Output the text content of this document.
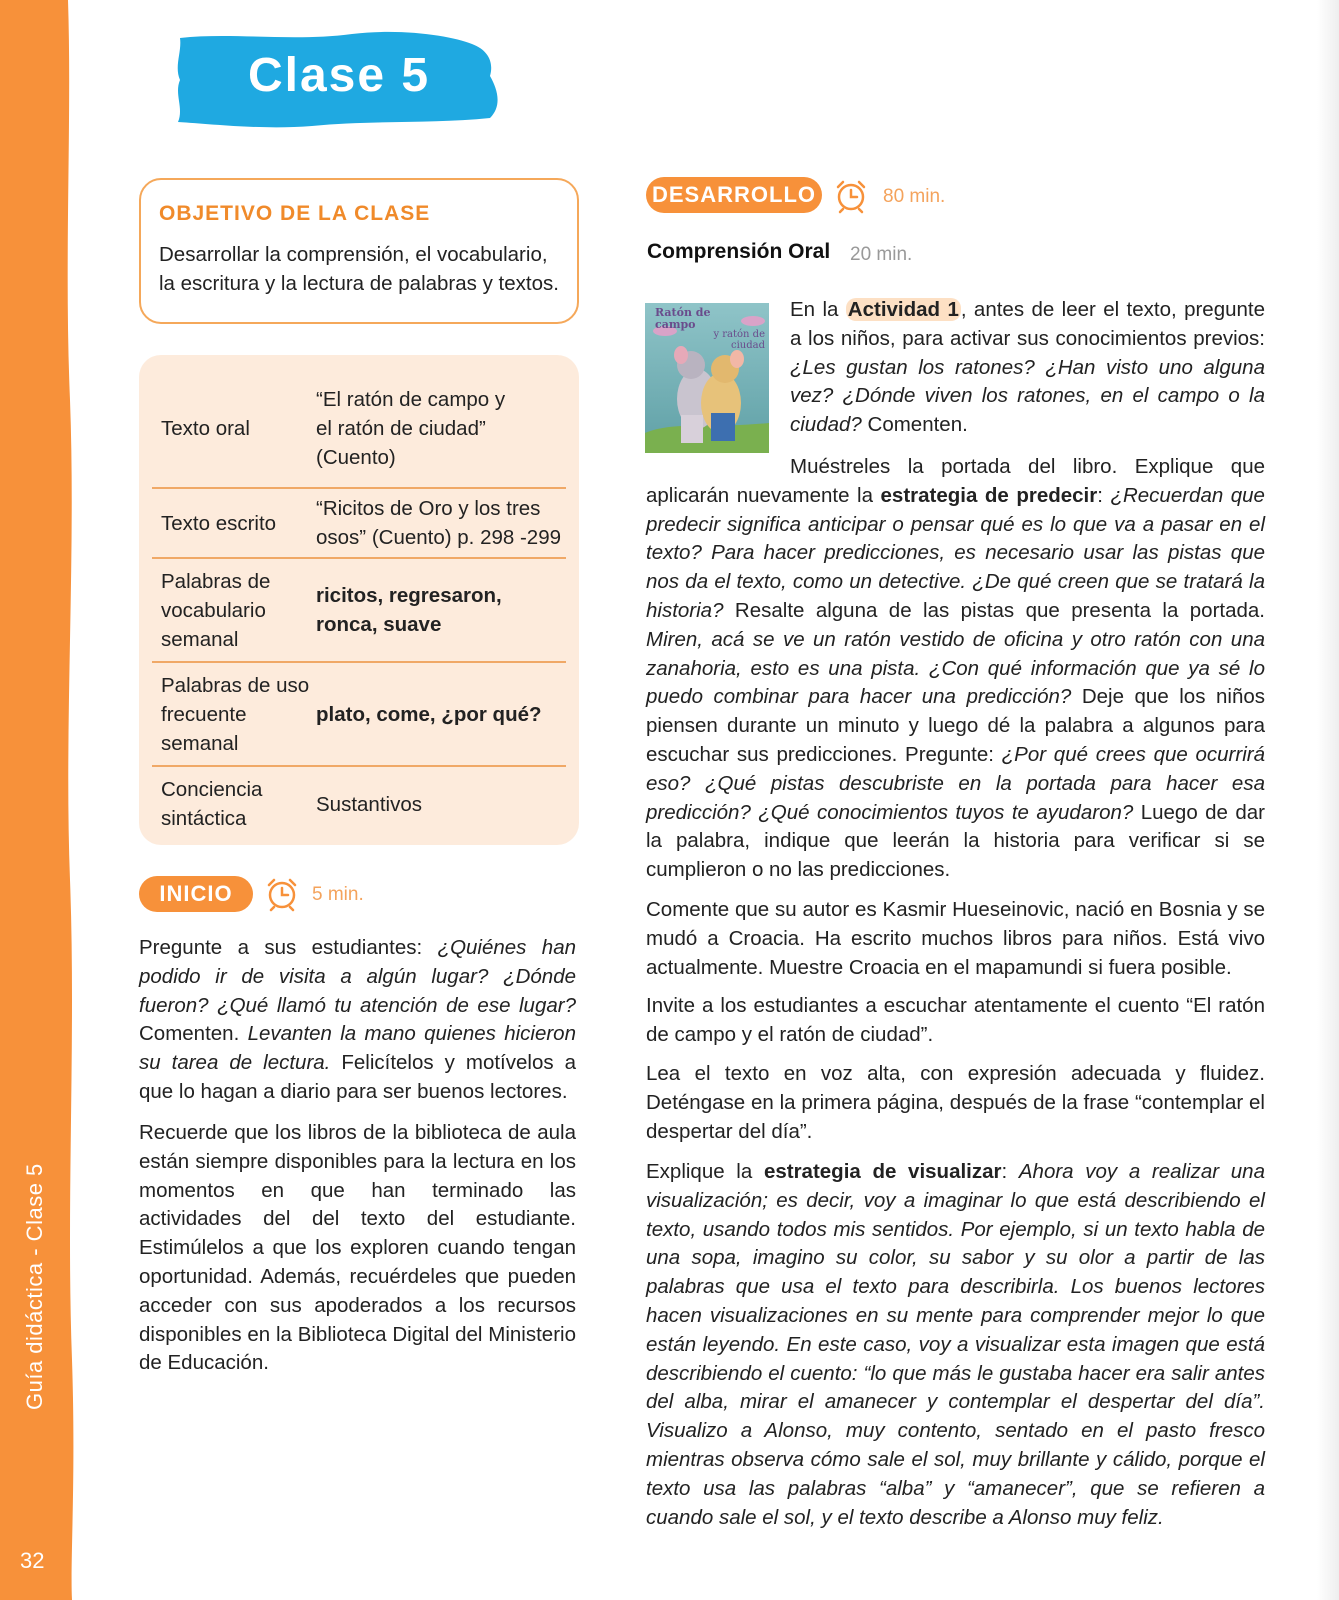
Guía didáctica - Clase 5
32
Clase 5
OBJETIVO DE LA CLASE
Desarrollar la comprensión, el vocabulario, la escritura y la lectura de palabras y textos.
Texto oral
“El ratón de campo y el ratón de ciudad” (Cuento)
Texto escrito
“Ricitos de Oro y los tres osos” (Cuento) p. 298 -299
Palabras de vocabulario semanal
ricitos, regresaron, ronca, suave
Palabras de uso frecuente semanal
plato, come, ¿por qué?
Conciencia sintáctica
Sustantivos
INICIO	5 min.
Pregunte a sus estudiantes: ¿Quiénes han podido ir de visita a algún lugar? ¿Dónde fueron? ¿Qué llamó tu atención de ese lugar? Comenten. Levanten la mano quienes hicieron su tarea de lectura. Felicítelos y motívelos a que lo hagan a diario para ser buenos lectores.
Recuerde que los libros de la biblioteca de aula están siempre disponibles para la lectura en los momentos en que han terminado las actividades del del texto del estudiante. Estimúlelos a que los exploren cuando tengan oportunidad. Además, recuérdeles que pueden acceder con sus apoderados a los recursos disponibles en la Biblioteca Digital del Ministerio de Educación.
DESARROLLO	80 min.
Comprensión Oral 20 min.
Ratón de campo
y ratón de ciudad
En la Actividad 1, antes de leer el texto, pregunte a los niños, para activar sus conocimientos previos: ¿Les gustan los ratones? ¿Han visto uno alguna vez? ¿Dónde viven los ratones, en el campo o la ciudad? Comenten.
Muéstreles la portada del libro. Explique que aplicarán nuevamente la estrategia de predecir: ¿Recuerdan que predecir significa anticipar o pensar qué es lo que va a pasar en el texto? Para hacer predicciones, es necesario usar las pistas que nos da el texto, como un detective. ¿De qué creen que se tratará la historia? Resalte alguna de las pistas que presenta la portada. Miren, acá se ve un ratón vestido de oficina y otro ratón con una zanahoria, esto es una pista. ¿Con qué información que ya sé lo puedo combinar para hacer una predicción? Deje que los niños piensen durante un minuto y luego dé la palabra a algunos para escuchar sus predicciones. Pregunte: ¿Por qué crees que ocurrirá eso? ¿Qué pistas descubriste en la portada para hacer esa predicción? ¿Qué conocimientos tuyos te ayudaron? Luego de dar la palabra, indique que leerán la historia para verificar si se cumplieron o no las predicciones.
Comente que su autor es Kasmir Hueseinovic, nació en Bosnia y se mudó a Croacia. Ha escrito muchos libros para niños. Está vivo actualmente. Muestre Croacia en el mapamundi si fuera posible.
Invite a los estudiantes a escuchar atentamente el cuento “El ratón de campo y el ratón de ciudad”.
Lea el texto en voz alta, con expresión adecuada y fluidez. Deténgase en la primera página, después de la frase “contemplar el despertar del día”.
Explique la estrategia de visualizar: Ahora voy a realizar una visualización; es decir, voy a imaginar lo que está describiendo el texto, usando todos mis sentidos. Por ejemplo, si un texto habla de una sopa, imagino su color, su sabor y su olor a partir de las palabras que usa el texto para describirla. Los buenos lectores hacen visualizaciones en su mente para comprender mejor lo que están leyendo. En este caso, voy a visualizar esta imagen que está describiendo el cuento: “lo que más le gustaba hacer era salir antes del alba, mirar el amanecer y contemplar el despertar del día”. Visualizo a Alonso, muy contento, sentado en el pasto fresco mientras observa cómo sale el sol, muy brillante y cálido, porque el texto usa las palabras “alba” y “amanecer”, que se refieren a cuando sale el sol, y el texto describe a Alonso muy feliz.
